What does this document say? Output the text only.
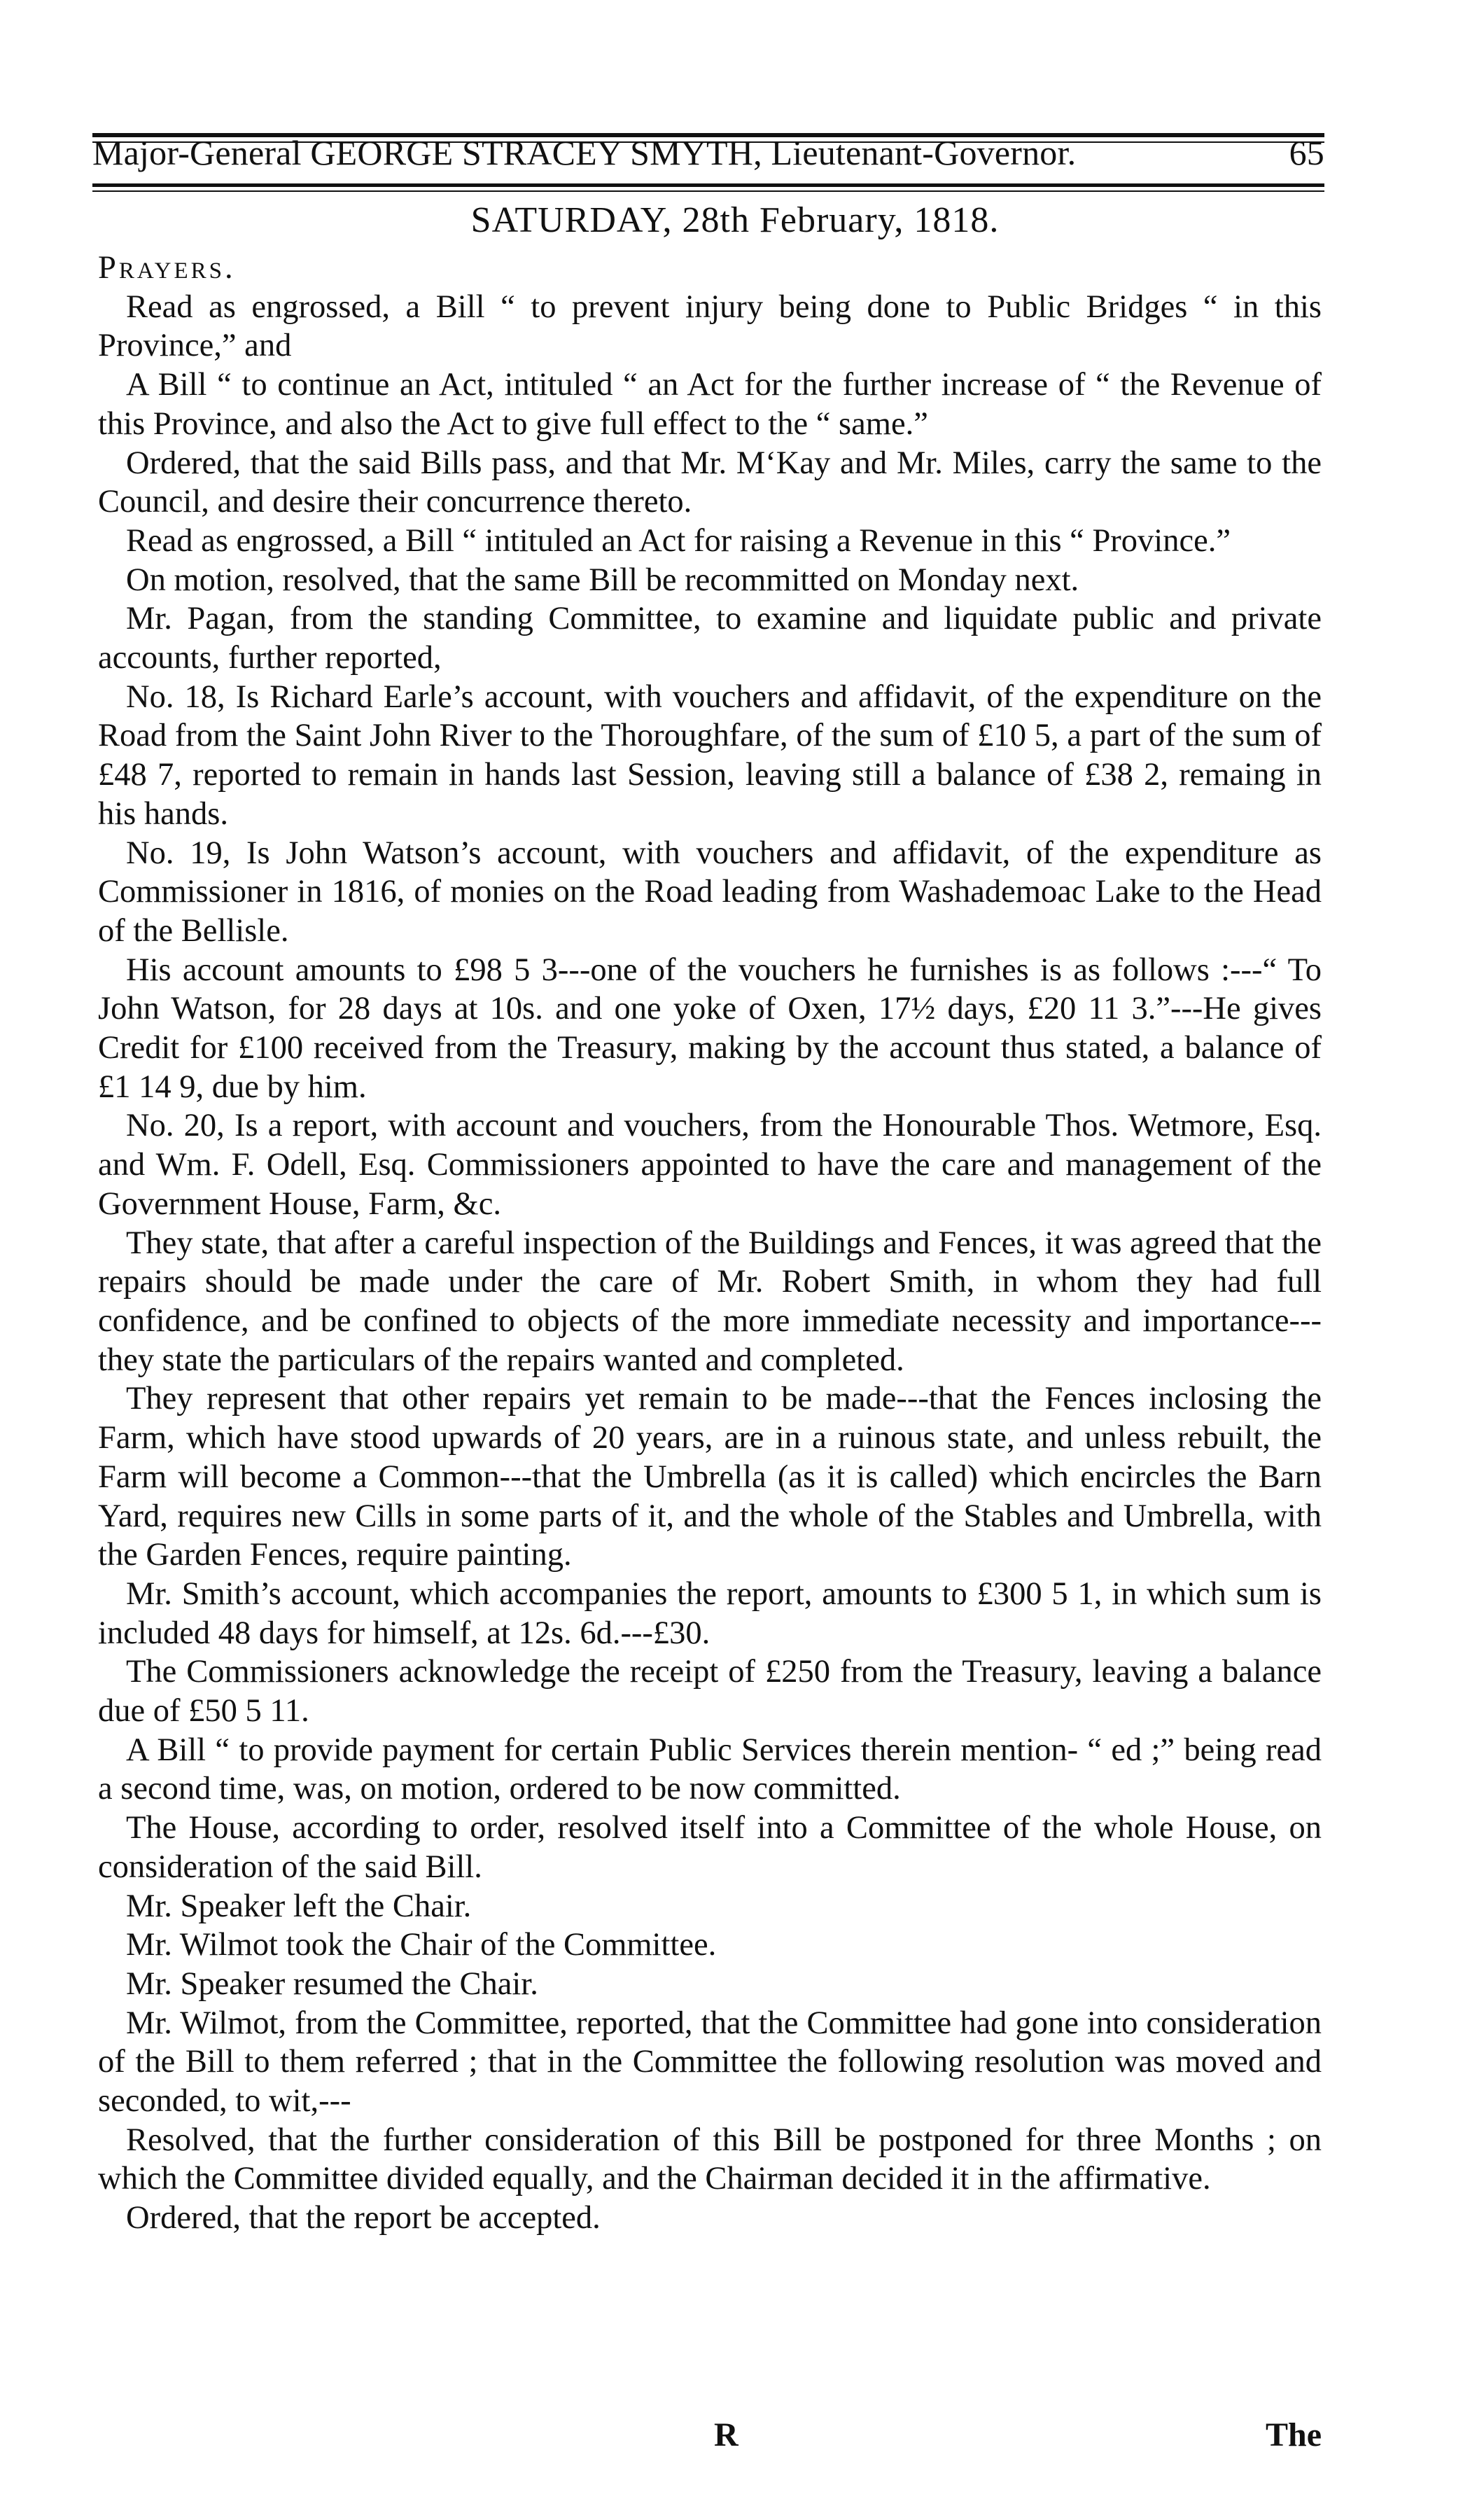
Major-General GEORGE STRACEY SMYTH, Lieutenant-Governor.	65
SATURDAY, 28th February, 1818.
Prayers.

Read as engrossed, a Bill “ to prevent injury being done to Public Bridges “ in this Province,” and

A Bill “ to continue an Act, intituled “ an Act for the further increase of “ the Revenue of this Province, and also the Act to give full effect to the “ same.”

Ordered, that the said Bills pass, and that Mr. M‘Kay and Mr. Miles, carry the same to the Council, and desire their concurrence thereto.

Read as engrossed, a Bill “ intituled an Act for raising a Revenue in this “ Province.”

On motion, resolved, that the same Bill be recommitted on Monday next.

Mr. Pagan, from the standing Committee, to examine and liquidate public and private accounts, further reported,

No. 18, Is Richard Earle’s account, with vouchers and affidavit, of the expenditure on the Road from the Saint John River to the Thoroughfare, of the sum of £10 5, a part of the sum of £48 7, reported to remain in hands last Session, leaving still a balance of £38 2, remaing in his hands.

No. 19, Is John Watson’s account, with vouchers and affidavit, of the expenditure as Commissioner in 1816, of monies on the Road leading from Washademoac Lake to the Head of the Bellisle.

His account amounts to £98 5 3---one of the vouchers he furnishes is as follows :---“ To John Watson, for 28 days at 10s. and one yoke of Oxen, 17½ days, £20 11 3.”---He gives Credit for £100 received from the Treasury, making by the account thus stated, a balance of £1 14 9, due by him.

No. 20, Is a report, with account and vouchers, from the Honourable Thos. Wetmore, Esq. and Wm. F. Odell, Esq. Commissioners appointed to have the care and management of the Government House, Farm, &c.

They state, that after a careful inspection of the Buildings and Fences, it was agreed that the repairs should be made under the care of Mr. Robert Smith, in whom they had full confidence, and be confined to objects of the more immediate necessity and importance---they state the particulars of the repairs wanted and completed.

They represent that other repairs yet remain to be made---that the Fences inclosing the Farm, which have stood upwards of 20 years, are in a ruinous state, and unless rebuilt, the Farm will become a Common---that the Umbrella (as it is called) which encircles the Barn Yard, requires new Cills in some parts of it, and the whole of the Stables and Umbrella, with the Garden Fences, require painting.

Mr. Smith’s account, which accompanies the report, amounts to £300 5 1, in which sum is included 48 days for himself, at 12s. 6d.---£30.

The Commissioners acknowledge the receipt of £250 from the Treasury, leaving a balance due of £50 5 11.

A Bill “ to provide payment for certain Public Services therein mention- “ ed ;” being read a second time, was, on motion, ordered to be now committed.

The House, according to order, resolved itself into a Committee of the whole House, on consideration of the said Bill.

Mr. Speaker left the Chair.

Mr. Wilmot took the Chair of the Committee.

Mr. Speaker resumed the Chair.

Mr. Wilmot, from the Committee, reported, that the Committee had gone into consideration of the Bill to them referred ; that in the Committee the following resolution was moved and seconded, to wit,---

Resolved, that the further consideration of this Bill be postponed for three Months ; on which the Committee divided equally, and the Chairman decided it in the affirmative.

Ordered, that the report be accepted.

R	The
